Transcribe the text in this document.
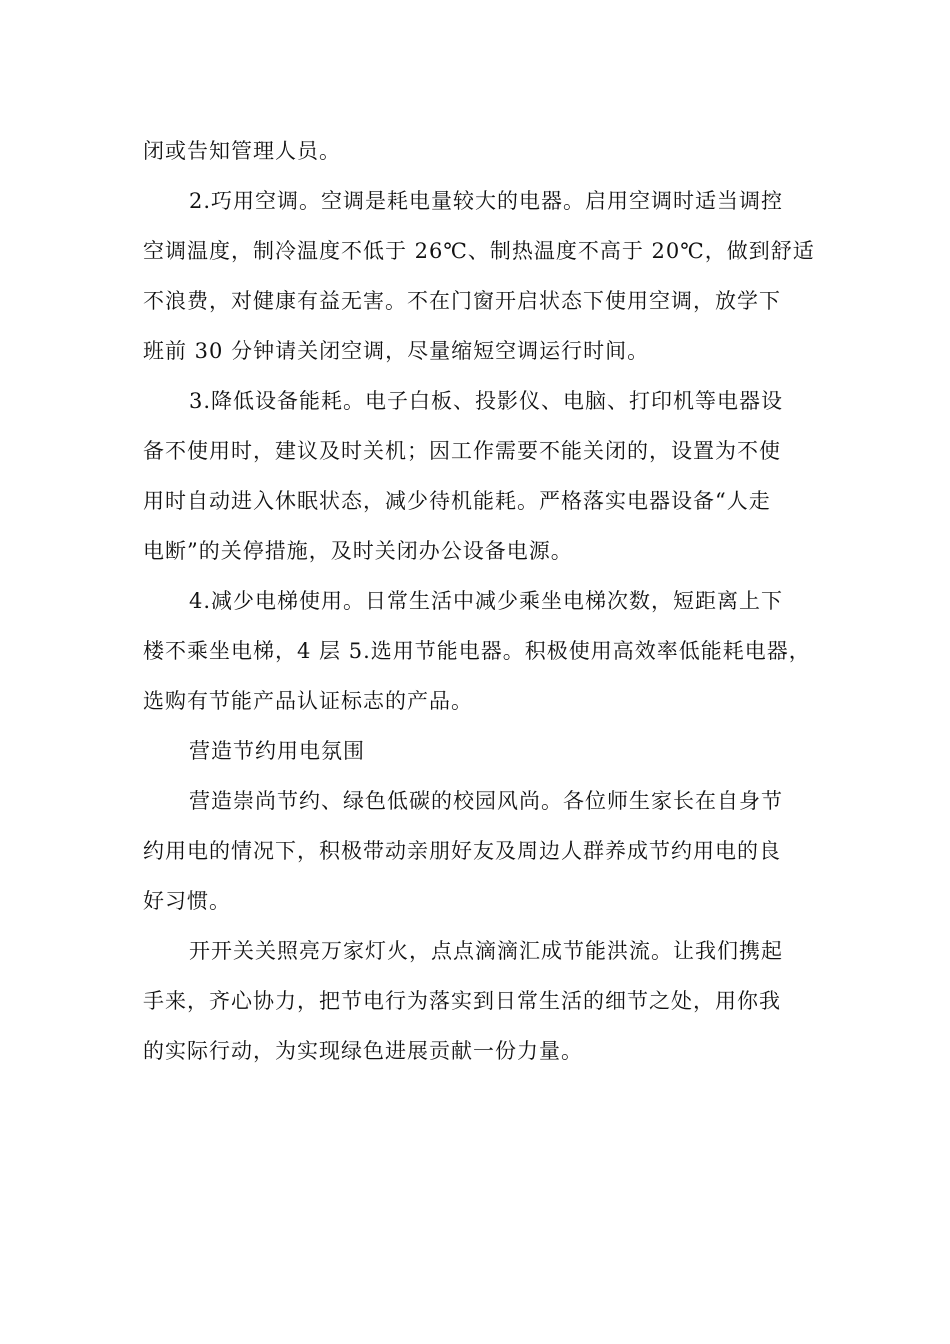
闭或告知管理人员。
2.巧用空调。空调是耗电量较大的电器。启用空调时适当调控
空调温度，制冷温度不低于 26℃、制热温度不高于 20℃，做到舒适
不浪费，对健康有益无害。不在门窗开启状态下使用空调，放学下
班前 30 分钟请关闭空调，尽量缩短空调运行时间。
3.降低设备能耗。电子白板、投影仪、电脑、打印机等电器设
备不使用时，建议及时关机；因工作需要不能关闭的，设置为不使
用时自动进入休眠状态，减少待机能耗。严格落实电器设备“人走
电断”的关停措施，及时关闭办公设备电源。
4.减少电梯使用。日常生活中减少乘坐电梯次数，短距离上下
楼不乘坐电梯，4 层 5.选用节能电器。积极使用高效率低能耗电器，
选购有节能产品认证标志的产品。
营造节约用电氛围
营造崇尚节约、绿色低碳的校园风尚。各位师生家长在自身节
约用电的情况下，积极带动亲朋好友及周边人群养成节约用电的良
好习惯。
开开关关照亮万家灯火，点点滴滴汇成节能洪流。让我们携起
手来，齐心协力，把节电行为落实到日常生活的细节之处，用你我
的实际行动，为实现绿色进展贡献一份力量。
